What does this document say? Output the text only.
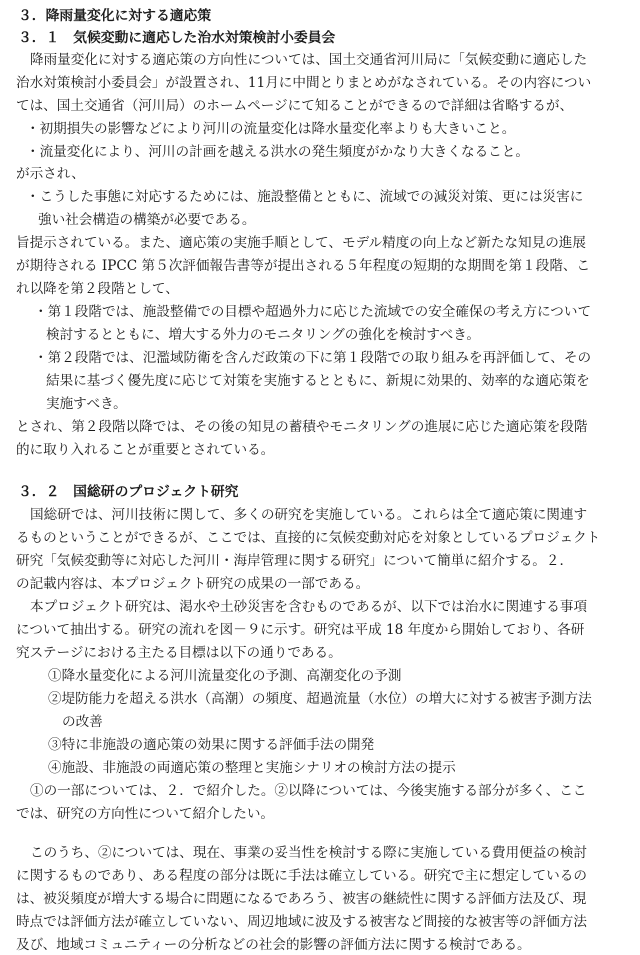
３．降雨量変化に対する適応策
３．１　気候変動に適応した治水対策検討小委員会
降雨量変化に対する適応策の方向性については、国土交通省河川局に「気候変動に適応した
治水対策検討小委員会」が設置され、11月に中間とりまとめがなされている。その内容につい
ては、国土交通省（河川局）のホームページにて知ることができるので詳細は省略するが、
・初期損失の影響などにより河川の流量変化は降水量変化率よりも大きいこと。
・流量変化により、河川の計画を越える洪水の発生頻度がかなり大きくなること。
が示され、
・こうした事態に対応するためには、施設整備とともに、流域での減災対策、更には災害に
強い社会構造の構築が必要である。
旨提示されている。また、適応策の実施手順として、モデル精度の向上など新たな知見の進展
が期待される IPCC 第５次評価報告書等が提出される５年程度の短期的な期間を第１段階、こ
れ以降を第２段階として、
・第１段階では、施設整備での目標や超過外力に応じた流域での安全確保の考え方について
検討するとともに、増大する外力のモニタリングの強化を検討すべき。
・第２段階では、氾濫域防衛を含んだ政策の下に第１段階での取り組みを再評価して、その
結果に基づく優先度に応じて対策を実施するとともに、新規に効果的、効率的な適応策を
実施すべき。
とされ、第２段階以降では、その後の知見の蓄積やモニタリングの進展に応じた適応策を段階
的に取り入れることが重要とされている。
３．２　国総研のプロジェクト研究
国総研では、河川技術に関して、多くの研究を実施している。これらは全て適応策に関連す
るものということができるが、ここでは、直接的に気候変動対応を対象としているプロジェクト
研究「気候変動等に対応した河川・海岸管理に関する研究」について簡単に紹介する。２．
の記載内容は、本プロジェクト研究の成果の一部である。
本プロジェクト研究は、渇水や土砂災害を含むものであるが、以下では治水に関連する事項
について抽出する。研究の流れを図－９に示す。研究は平成 18 年度から開始しており、各研
究ステージにおける主たる目標は以下の通りである。
①降水量変化による河川流量変化の予測、高潮変化の予測
②堤防能力を超える洪水（高潮）の頻度、超過流量（水位）の増大に対する被害予測方法
の改善
③特に非施設の適応策の効果に関する評価手法の開発
④施設、非施設の両適応策の整理と実施シナリオの検討方法の提示
①の一部については、２．で紹介した。②以降については、今後実施する部分が多く、ここ
では、研究の方向性について紹介したい。
このうち、②については、現在、事業の妥当性を検討する際に実施している費用便益の検討
に関するものであり、ある程度の部分は既に手法は確立している。研究で主に想定しているの
は、被災頻度が増大する場合に問題になるであろう、被害の継続性に関する評価方法及び、現
時点では評価方法が確立していない、周辺地域に波及する被害など間接的な被害等の評価方法
及び、地域コミュニティーの分析などの社会的影響の評価方法に関する検討である。
